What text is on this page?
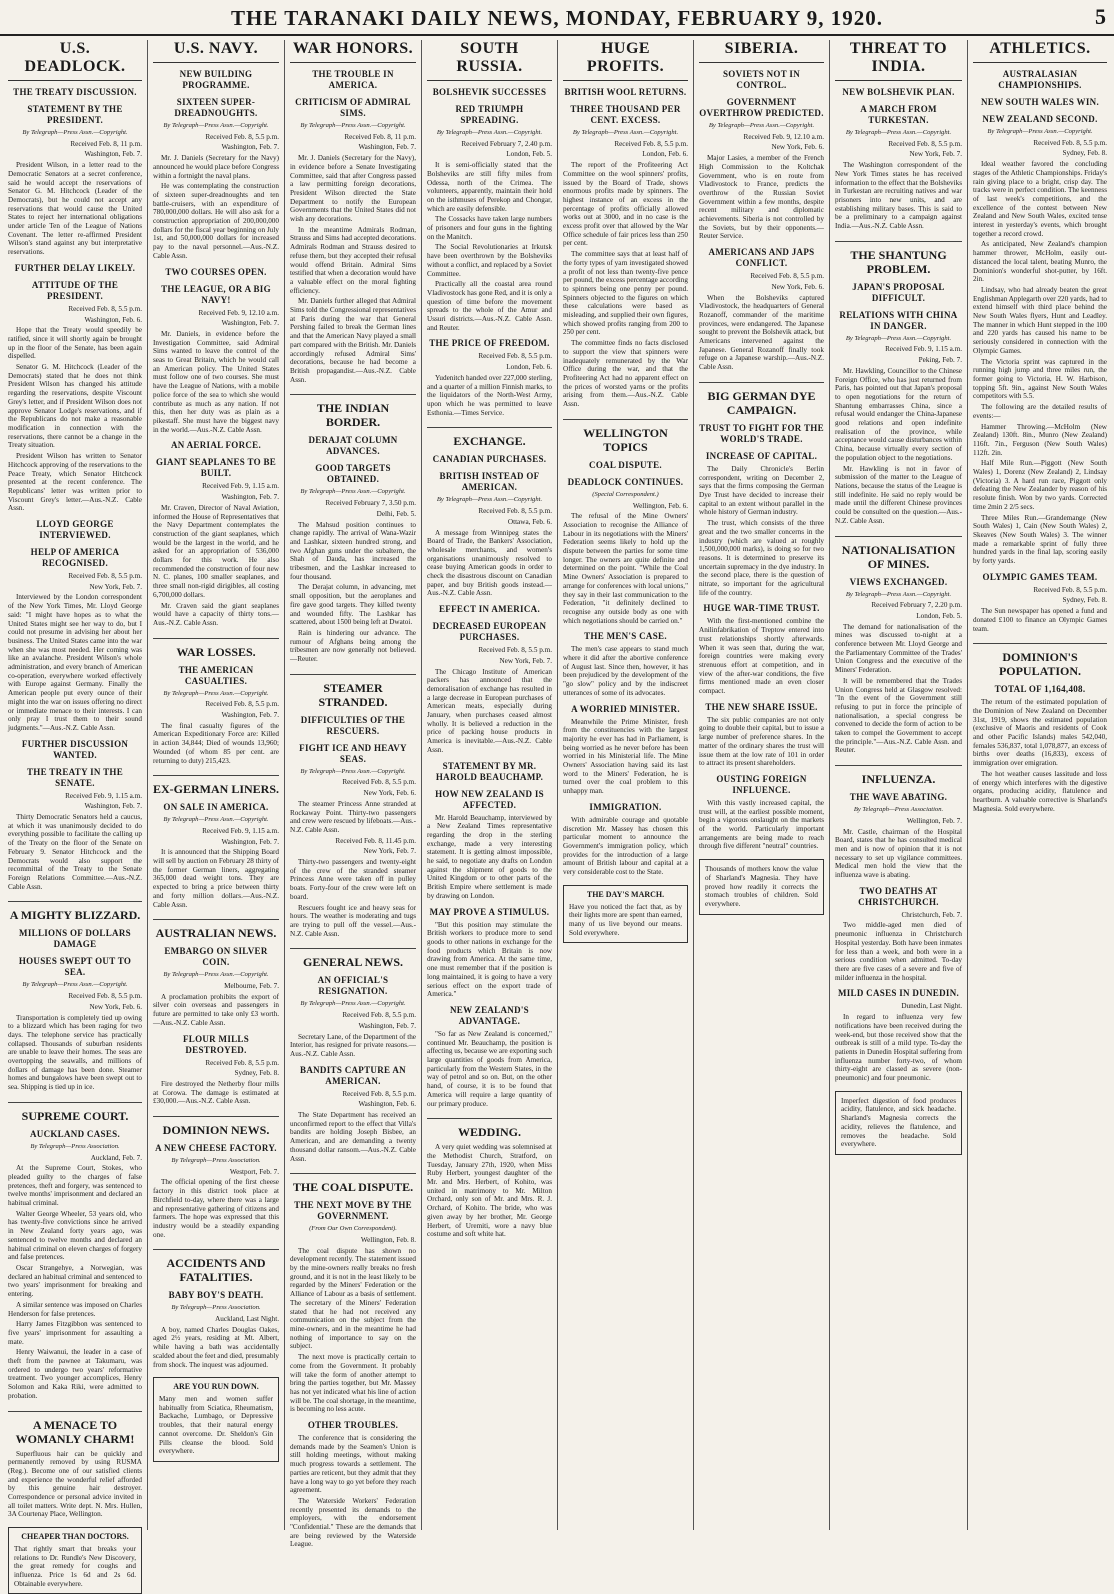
THE TARANAKI DAILY NEWS, MONDAY, FEBRUARY 9, 1920.	5
U.S. DEADLOCK.
THE TREATY DISCUSSION.
STATEMENT BY THE PRESIDENT.
By Telegraph—Press Assn.—Copyright.
Received Feb. 8, 11 p.m.
Washington, Feb. 7.

President Wilson, in a letter read to the Democratic Senators at a secret conference, said he would accept the reservations of Senator G. M. Hitchcock (Leader of the Democrats), but he could not accept any reservations that would cause the United States to reject her international obligations under article Ten of the League of Nations Covenant. The letter re-affirmed President Wilson's stand against any but interpretative reservations.

FURTHER DELAY LIKELY.
ATTITUDE OF THE PRESIDENT.
Received Feb. 8, 5.5 p.m.
Washington, Feb. 6.

Hope that the Treaty would speedily be ratified, since it will shortly again be brought up in the floor of the Senate, has been again dispelled.

Senator G. M. Hitchcock (Leader of the Democrats) stated that he does not think President Wilson has changed his attitude regarding the reservations, despite Viscount Grey's letter, and if President Wilson does not approve Senator Lodge's reservations, and if the Republicans do not make a reasonable modification in connection with the reservations, there cannot be a change in the Treaty situation.

President Wilson has written to Senator Hitchcock approving of the reservations to the Peace Treaty, which Senator Hitchcock presented at the recent conference. The Republicans' letter was written prior to Viscount Grey's letter.—Aus.-N.Z. Cable Assn.

LLOYD GEORGE INTERVIEWED.
HELP OF AMERICA RECOGNISED.
Received Feb. 8, 5.5 p.m.
New York, Feb. 7.

Interviewed by the London correspondent of the New York Times, Mr. Lloyd George said: "I might have hopes as to what the United States might see her way to do, but I could not presume in advising her about her business. The United States came into the war when she was most needed. Her coming was like an avalanche. President Wilson's whole administration, and every branch of American co-operation, everywhere worked effectively with Europe against Germany. Finally the American people put every ounce of their might into the war on issues offering no direct or immediate menace to their interests. I can only pray I trust them to their sound judgments."—Aus.-N.Z. Cable Assn.

FURTHER DISCUSSION WANTED.
THE TREATY IN THE SENATE.
Received Feb. 9, 1.15 a.m.
Washington, Feb. 7.

Thirty Democratic Senators held a caucus, at which it was unanimously decided to do everything possible to facilitate the calling up of the Treaty on the floor of the Senate on February 9. Senator Hitchcock and the Democrats would also support the recommittal of the Treaty to the Senate Foreign Relations Committee.—Aus.-N.Z. Cable Assn.

A MIGHTY BLIZZARD.
MILLIONS OF DOLLARS DAMAGE
HOUSES SWEPT OUT TO SEA.
By Telegraph—Press Assn.—Copyright.
Received Feb. 8, 5.5 p.m.
New York, Feb. 6.

Transportation is completely tied up owing to a blizzard which has been raging for two days. The telephone service has practically collapsed. Thousands of suburban residents are unable to leave their homes. The seas are overtopping the seawalls, and millions of dollars of damage has been done. Steamer homes and bungalows have been swept out to sea. Shipping is tied up in ice.

SUPREME COURT.
AUCKLAND CASES.
By Telegraph—Press Association.
Auckland, Feb. 7.

At the Supreme Court, Stokes, who pleaded guilty to the charges of false pretences, theft and forgery, was sentenced to twelve months' imprisonment and declared an habitual criminal.

Walter George Wheeler, 53 years old, who has twenty-five convictions since he arrived in New Zealand forty years ago, was sentenced to twelve months and declared an habitual criminal on eleven charges of forgery and false pretences.

Oscar Strangehye, a Norwegian, was declared an habitual criminal and sentenced to two years' imprisonment for breaking and entering.

A similar sentence was imposed on Charles Henderson for false pretences.

Harry James Fitzgibbon was sentenced to five years' imprisonment for assaulting a mate.

Henry Waiwanui, the leader in a case of theft from the pawnee at Takumaru, was ordered to undergo two years' reformative treatment. Two younger accomplices, Henry Solomon and Kaka Riki, were admitted to probation.

A MENACE TO WOMANLY CHARM!

Superfluous hair can be quickly and permanently removed by using RUSMA (Reg.). Become one of our satisfied clients and experience the wonderful relief afforded by this genuine hair destroyer. Correspondence or personal advice invited in all toilet matters. Write dept. N. Mrs. Hullen, 3A Courtenay Place, Wellington.

CHEAPER THAN DOCTORS.
That rightly smart that breaks your relations to Dr. Rundle's New Discovery, the great remedy for coughs and influenza. Price 1s 6d and 2s 6d. Obtainable everywhere.
U.S. NAVY.
NEW BUILDING PROGRAMME.
SIXTEEN SUPER-DREADNOUGHTS.
By Telegraph—Press Assn.—Copyright.
Received Feb. 8, 5.5 p.m.
Washington, Feb. 7.

Mr. J. Daniels (Secretary for the Navy) announced he would place before Congress within a fortnight the naval plans.

He was contemplating the construction of sixteen super-dreadnoughts and ten battle-cruisers, with an expenditure of 780,000,000 dollars. He will also ask for a construction appropriation of 200,000,000 dollars for the fiscal year beginning on July 1st, and 50,000,000 dollars for increased pay to the naval personnel.—Aus.-N.Z. Cable Assn.

TWO COURSES OPEN.
THE LEAGUE, OR A BIG NAVY!
Received Feb. 9, 12.10 a.m.
Washington, Feb. 7.

Mr. Daniels, in evidence before the Investigation Committee, said Admiral Sims wanted to leave the control of the seas to Great Britain, which he would call an American policy. The United States must follow one of two courses. She must have the League of Nations, with a mobile police force of the sea to which she would contribute as much as any nation. If not this, then her duty was as plain as a pikestaff. She must have the biggest navy in the world.—Aus.-N.Z. Cable Assn.

AN AERIAL FORCE.
GIANT SEAPLANES TO BE BUILT.
Received Feb. 9, 1.15 a.m.
Washington, Feb. 7.

Mr. Craven, Director of Naval Aviation, informed the House of Representatives that the Navy Department contemplates the construction of the giant seaplanes, which would be the largest in the world, and he asked for an appropriation of 536,000 dollars for this work. He also recommended the construction of four new N. C. planes, 100 smaller seaplanes, and three small non-rigid dirigibles, all costing 6,700,000 dollars.

Mr. Craven said the giant seaplanes would have a capacity of thirty tons.—Aus.-N.Z. Cable Assn.

WAR LOSSES.
THE AMERICAN CASUALTIES.
By Telegraph—Press Assn.—Copyright.
Received Feb. 8, 5.5 p.m.
Washington, Feb. 7.

The final casualty figures of the American Expeditionary Force are: Killed in action 34,844; Died of wounds 13,960; Wounded (of whom 85 per cent. are returning to duty) 215,423.

EX-GERMAN LINERS.
ON SALE IN AMERICA.
By Telegraph—Press Assn.—Copyright.
Received Feb. 9, 1.15 a.m.
Washington, Feb. 7.

It is announced that the Shipping Board will sell by auction on February 28 thirty of the former German liners, aggregating 365,000 dead weight tons. They are expected to bring a price between thirty and forty million dollars.—Aus.-N.Z. Cable Assn.

AUSTRALIAN NEWS.
EMBARGO ON SILVER COIN.
By Telegraph—Press Assn.—Copyright.
Melbourne, Feb. 7.

A proclamation prohibits the export of silver coin overseas and passengers in future are permitted to take only £3 worth.—Aus.-N.Z. Cable Assn.

FLOUR MILLS DESTROYED.
Received Feb. 8, 5.5 p.m.
Sydney, Feb. 8.

Fire destroyed the Netherby flour mills at Corowa. The damage is estimated at £30,000.—Aus.-N.Z. Cable Assn.

DOMINION NEWS.
A NEW CHEESE FACTORY.
By Telegraph—Press Association.
Westport, Feb. 7.

The official opening of the first cheese factory in this district took place at Birchfield to-day, where there was a large and representative gathering of citizens and farmers. The hope was expressed that this industry would be a steadily expanding one.

ACCIDENTS AND FATALITIES.
BABY BOY'S DEATH.
By Telegraph—Press Association.
Auckland, Last Night.

A boy, named Charles Douglas Oakes, aged 2½ years, residing at Mt. Albert, while having a bath was accidentally scalded about the feet and died, presumably from shock. The inquest was adjourned.

ARE YOU RUN DOWN.
Many men and women suffer habitually from Sciatica, Rheumatism, Backache, Lumbago, or Depressive troubles, that their natural energy cannot overcome. Dr. Sheldon's Gin Pills cleanse the blood. Sold everywhere.
WAR HONORS.
THE TROUBLE IN AMERICA.
CRITICISM OF ADMIRAL SIMS.
By Telegraph—Press Assn.—Copyright.
Received Feb. 8, 11 p.m.
Washington, Feb. 7.

Mr. J. Daniels (Secretary for the Navy), in evidence before a Senate Investigating Committee, said that after Congress passed a law permitting foreign decorations, President Wilson directed the State Department to notify the European Governments that the United States did not wish any decorations.

In the meantime Admirals Rodman, Strauss and Sims had accepted decorations. Admirals Rodman and Strauss desired to refuse them, but they accepted their refusal would offend Britain. Admiral Sims testified that when a decoration would have a valuable effect on the moral fighting efficiency.

Mr. Daniels further alleged that Admiral Sims told the Congressional representatives at Paris during the war that General Pershing failed to break the German lines and that the American Navy played a small part compared with the British. Mr. Daniels accordingly refused Admiral Sims' decorations, because he had become a British propagandist.—Aus.-N.Z. Cable Assn.

THE INDIAN BORDER.
DERAJAT COLUMN ADVANCES.
GOOD TARGETS OBTAINED.
By Telegraph—Press Assn.—Copyright.
Received February 7, 3.50 p.m.
Delhi, Feb. 5.

The Mahsud position continues to change rapidly. The arrival of Wana-Wazir and Lashkar, sixteen hundred strong, and two Afghan guns under the subaltern, the Shah of Dauda, has increased the tribesmen, and the Lashkar increased to four thousand.

The Derajat column, in advancing, met small opposition, but the aeroplanes and fire gave good targets. They killed twenty and wounded fifty. The Lashkar has scattered, about 1500 being left at Dwatoi.

Rain is hindering our advance. The rumour of Afghans being among the tribesmen are now generally not believed.—Reuter.

STEAMER STRANDED.
DIFFICULTIES OF THE RESCUERS.
FIGHT ICE AND HEAVY SEAS.
By Telegraph—Press Assn.—Copyright.
Received Feb. 8, 5.5 p.m.
New York, Feb. 6.

The steamer Princess Anne stranded at Rockaway Point. Thirty-two passengers and crew were rescued by lifeboats.—Aus.-N.Z. Cable Assn.

Received Feb. 8, 11.45 p.m.
New York, Feb. 7.

Thirty-two passengers and twenty-eight of the crew of the stranded steamer Princess Anne were taken off in pulley boats. Forty-four of the crew were left on board.

Rescuers fought ice and heavy seas for hours. The weather is moderating and tugs are trying to pull off the vessel.—Aus.-N.Z. Cable Assn.

GENERAL NEWS.
AN OFFICIAL'S RESIGNATION.
By Telegraph—Press Assn.—Copyright.
Received Feb. 8, 5.5 p.m.
Washington, Feb. 7.

Secretary Lane, of the Department of the Interior, has resigned for private reasons.—Aus.-N.Z. Cable Assn.

BANDITS CAPTURE AN AMERICAN.
Received Feb. 8, 5.5 p.m.
Washington, Feb. 6.

The State Department has received an unconfirmed report to the effect that Villa's bandits are holding Joseph Bisbee, an American, and are demanding a twenty thousand dollar ransom.—Aus.-N.Z. Cable Assn.

THE COAL DISPUTE.
THE NEXT MOVE BY THE GOVERNMENT.
(From Our Own Correspondent).
Wellington, Feb. 8.

The coal dispute has shown no development recently. The statement issued by the mine-owners really breaks no fresh ground, and it is not in the least likely to be regarded by the Miners' Federation or the Alliance of Labour as a basis of settlement. The secretary of the Miners' Federation stated that he had not received any communication on the subject from the mine-owners, and in the meantime he had nothing of importance to say on the subject.

The next move is practically certain to come from the Government. It probably will take the form of another attempt to bring the parties together, but Mr. Massey has not yet indicated what his line of action will be. The coal shortage, in the meantime, is becoming no less acute.

OTHER TROUBLES.

The conference that is considering the demands made by the Seamen's Union is still holding meetings, without making much progress towards a settlement. The parties are reticent, but they admit that they have a long way to go yet before they reach agreement.

The Waterside Workers' Federation recently presented its demands to the employers, with the endorsement "Confidential." These are the demands that are being reviewed by the Waterside League.

SOUTH RUSSIA.
BOLSHEVIK SUCCESSES
RED TRIUMPH SPREADING.
By Telegraph—Press Assn.—Copyright.
Received February 7, 2.40 p.m.
London, Feb. 5.

It is semi-officially stated that the Bolsheviks are still fifty miles from Odessa, north of the Crimea. The volunteers, apparently, maintain their hold on the isthmuses of Perekop and Chongar, which are easily defensible.

The Cossacks have taken large numbers of prisoners and four guns in the fighting on the Manitch.

The Social Revolutionaries at Irkutsk have been overthrown by the Bolsheviks without a conflict, and replaced by a Soviet Committee.

Practically all the coastal area round Vladivostock has gone Red, and it is only a question of time before the movement spreads to the whole of the Amur and Ussuri districts.—Aus.-N.Z. Cable Assn. and Reuter.

THE PRICE OF FREEDOM.
Received Feb. 8, 5.5 p.m.
London, Feb. 6.

Yudenitch handed over 227,000 sterling, and a quarter of a million Finnish marks, to the liquidators of the North-West Army, upon which he was permitted to leave Esthonia.—Times Service.

EXCHANGE.
CANADIAN PURCHASES.
BRITISH INSTEAD OF AMERICAN.
By Telegraph—Press Assn.—Copyright.
Received Feb. 8, 5.5 p.m.
Ottawa, Feb. 6.

A message from Winnipeg states the Board of Trade, the Bankers' Association, wholesale merchants, and women's organisations unanimously resolved to cease buying American goods in order to check the disastrous discount on Canadian paper, and buy British goods instead.—Aus.-N.Z. Cable Assn.

EFFECT IN AMERICA.
DECREASED EUROPEAN PURCHASES.
Received Feb. 8, 5.5 p.m.
New York, Feb. 7.

The Chicago Institute of American packers has announced that the demoralisation of exchange has resulted in a large decrease in European purchases of American meats, especially during January, when purchases ceased almost wholly. It is believed a reduction in the price of packing house products in America is inevitable.—Aus.-N.Z. Cable Assn.

STATEMENT BY MR. HAROLD BEAUCHAMP.
HOW NEW ZEALAND IS AFFECTED.

Mr. Harold Beauchamp, interviewed by a New Zealand Times representative regarding the drop in the sterling exchange, made a very interesting statement. It is getting almost impossible, he said, to negotiate any drafts on London against the shipment of goods to the United Kingdom or to other parts of the British Empire where settlement is made by drawing on London.

MAY PROVE A STIMULUS.

"But this position may stimulate the British workers to produce more to send goods to other nations in exchange for the food products which Britain is now drawing from America. At the same time, one must remember that if the position is long maintained, it is going to have a very serious effect on the export trade of America."

NEW ZEALAND'S ADVANTAGE.

"So far as New Zealand is concerned," continued Mr. Beauchamp, the position is affecting us, because we are exporting such large quantities of goods from America, particularly from the Western States, in the way of petrol and so on. But, on the other hand, of course, it is to be found that America will require a large quantity of our primary produce.

WEDDING.

A very quiet wedding was solemnised at the Methodist Church, Stratford, on Tuesday, January 27th, 1920, when Miss Ruby Herbert, youngest daughter of the Mr. and Mrs. Herbert, of Kohito, was united in matrimony to Mr. Milton Orchard, only son of Mr. and Mrs. R. J. Orchard, of Kohito. The bride, who was given away by her brother, Mr. George Herbert, of Uremiti, wore a navy blue costume and soft white hat.

HUGE PROFITS.
BRITISH WOOL RETURNS.
THREE THOUSAND PER CENT. EXCESS.
By Telegraph—Press Assn.—Copyright.
Received Feb. 8, 5.5 p.m.
London, Feb. 6.

The report of the Profiteering Act Committee on the wool spinners' profits, issued by the Board of Trade, shows enormous profits made by spinners. The highest instance of an excess in the percentage of profits officially allowed works out at 3000, and in no case is the excess profit over that allowed by the War Office schedule of fair prices less than 250 per cent.

The committee says that at least half of the forty types of yarn investigated showed a profit of not less than twenty-five pence per pound, the excess percentage according to spinners being one penny per pound. Spinners objected to the figures on which these calculations were based as misleading, and supplied their own figures, which showed profits ranging from 200 to 250 per cent.

The committee finds no facts disclosed to support the view that spinners were inadequately remunerated by the War Office during the war, and that the Profiteering Act had no apparent effect on the prices of worsted yarns or the profits arising from them.—Aus.-N.Z. Cable Assn.

WELLINGTON TOPICS
COAL DISPUTE.
DEADLOCK CONTINUES.
(Special Correspondent.)
Wellington, Feb. 6.

The refusal of the Mine Owners' Association to recognise the Alliance of Labour in its negotiations with the Miners' Federation seems likely to hold up the dispute between the parties for some time longer. The owners are quite definite and determined on the point. "While the Coal Mine Owners' Association is prepared to arrange for conferences with local unions," they say in their last communication to the Federation, "it definitely declined to recognise any outside body as one with which negotiations should be carried on."

THE MEN'S CASE.

The men's case appears to stand much where it did after the abortive conference of August last. Since then, however, it has been prejudiced by the development of the "go slow" policy and by the indiscreet utterances of some of its advocates.

A WORRIED MINISTER.

Meanwhile the Prime Minister, fresh from the constituencies with the largest majority he ever has had in Parliament, is being worried as he never before has been worried in his Ministerial life. The Mine Owners' Association having said its last word to the Miners' Federation, he is turned over the coal problem to this unhappy man.

IMMIGRATION.

With admirable courage and quotable discretion Mr. Massey has chosen this particular moment to announce the Government's immigration policy, which provides for the introduction of a large amount of British labour and capital at a very considerable cost to the State.

THE DAY'S MARCH.
Have you noticed the fact that, as by their lights more are spent than earned, many of us live beyond our means. Sold everywhere.
SIBERIA.
SOVIETS NOT IN CONTROL.
GOVERNMENT OVERTHROW PREDICTED.
By Telegraph—Press Assn.—Copyright.
Received Feb. 9, 12.10 a.m.
New York, Feb. 6.

Major Lasies, a member of the French High Commission to the Koltchak Government, who is en route from Vladivostock to France, predicts the overthrow of the Russian Soviet Government within a few months, despite recent military and diplomatic achievements. Siberia is not controlled by the Soviets, but by their opponents.—Reuter Service.

AMERICANS AND JAPS CONFLICT.
Received Feb. 8, 5.5 p.m.
New York, Feb. 6.

When the Bolsheviks captured Vladivostock, the headquarters of General Rozanoff, commander of the maritime provinces, were endangered. The Japanese sought to prevent the Bolshevik attack, but Americans intervened against the Japanese. General Rozanoff finally took refuge on a Japanese warship.—Aus.-N.Z. Cable Assn.

BIG GERMAN DYE CAMPAIGN.
TRUST TO FIGHT FOR THE WORLD'S TRADE.
INCREASE OF CAPITAL.

The Daily Chronicle's Berlin correspondent, writing on December 2, says that the firms composing the German Dye Trust have decided to increase their capital to an extent without parallel in the whole history of German industry.

The trust, which consists of the three great and the two smaller concerns in the industry (which are valued at roughly 1,500,000,000 marks), is doing so for two reasons. It is determined to preserve its uncertain supremacy in the dye industry. In the second place, there is the question of nitrate, so important for the agricultural life of the country.

HUGE WAR-TIME TRUST.

With the first-mentioned combine the Anilinfabrikation of Treptow entered into trust relationships shortly afterwards. When it was seen that, during the war, foreign countries were making every strenuous effort at competition, and in view of the after-war conditions, the five firms mentioned made an even closer compact.

THE NEW SHARE ISSUE.

The six public companies are not only going to double their capital, but to issue a large number of preference shares. In the matter of the ordinary shares the trust will issue them at the low rate of 101 in order to attract its present shareholders.

OUSTING FOREIGN INFLUENCE.

With this vastly increased capital, the trust will, at the earliest possible moment, begin a vigorous onslaught on the markets of the world. Particularly important arrangements are being made to reach through five different "neutral" countries.

Thousands of mothers know the value of Sharland's Magnesia. They have proved how readily it corrects the stomach troubles of children. Sold everywhere.
THREAT TO INDIA.
NEW BOLSHEVIK PLAN.
A MARCH FROM TURKESTAN.
By Telegraph—Press Assn.—Copyright.
Received Feb. 8, 5.5 p.m.
New York, Feb. 7.

The Washington correspondent of the New York Times states he has received information to the effect that the Bolsheviks in Turkestan are recruiting natives and war prisoners into new units, and are establishing military bases. This is said to be a preliminary to a campaign against India.—Aus.-N.Z. Cable Assn.

THE SHANTUNG PROBLEM.
JAPAN'S PROPOSAL DIFFICULT.
RELATIONS WITH CHINA IN DANGER.
By Telegraph—Press Assn.—Copyright.
Received Feb. 9, 1.15 a.m.
Peking, Feb. 7.

Mr. Hawkling, Councillor to the Chinese Foreign Office, who has just returned from Paris, has pointed out that Japan's proposal to open negotiations for the return of Shantung embarrasses China, since a refusal would endanger the China-Japanese good relations and open indefinite realisation of the province, while acceptance would cause disturbances within China, because virtually every section of the population object to the negotiations.

Mr. Hawkling is not in favor of submission of the matter to the League of Nations, because the status of the League is still indefinite. He said no reply would be made until the different Chinese provinces could be consulted on the question.—Aus.-N.Z. Cable Assn.

NATIONALISATION OF MINES.
VIEWS EXCHANGED.
By Telegraph—Press Assn.—Copyright.
Received February 7, 2.20 p.m.
London, Feb. 5.

The demand for nationalisation of the mines was discussed to-night at a conference between Mr. Lloyd George and the Parliamentary Committee of the Trades' Union Congress and the executive of the Miners' Federation.

It will be remembered that the Trades Union Congress held at Glasgow resolved: "In the event of the Government still refusing to put in force the principle of nationalisation, a special congress be convened to decide the form of action to be taken to compel the Government to accept the principle."—Aus.-N.Z. Cable Assn. and Reuter.

INFLUENZA.
THE WAVE ABATING.
By Telegraph—Press Association.
Wellington, Feb. 7.

Mr. Castle, chairman of the Hospital Board, states that he has consulted medical men and is now of opinion that it is not necessary to set up vigilance committees. Medical men hold the view that the influenza wave is abating.

TWO DEATHS AT CHRISTCHURCH.
Christchurch, Feb. 7.

Two middle-aged men died of pneumonic influenza in Christchurch Hospital yesterday. Both have been inmates for less than a week, and both were in a serious condition when admitted. To-day there are five cases of a severe and five of milder influenza in the hospital.

MILD CASES IN DUNEDIN.
Dunedin, Last Night.

In regard to influenza very few notifications have been received during the week-end, but those received show that the outbreak is still of a mild type. To-day the patients in Dunedin Hospital suffering from influenza number forty-two, of whom thirty-eight are classed as severe (non-pneumonic) and four pneumonic.

Imperfect digestion of food produces acidity, flatulence, and sick headache. Sharland's Magnesia corrects the acidity, relieves the flatulence, and removes the headache. Sold everywhere.
ATHLETICS.
AUSTRALASIAN CHAMPIONSHIPS.
NEW SOUTH WALES WIN.
NEW ZEALAND SECOND.
By Telegraph—Press Assn.—Copyright.
Received Feb. 8, 5.5 p.m.
Sydney, Feb. 8.

Ideal weather favored the concluding stages of the Athletic Championships. Friday's rain giving place to a bright, crisp day. The tracks were in perfect condition. The keenness of last week's competitions, and the excellence of the contest between New Zealand and New South Wales, excited tense interest in yesterday's events, which brought together a record crowd.

As anticipated, New Zealand's champion hammer thrower, McHolm, easily out-distanced the local talent, beating Munro, the Dominion's wonderful shot-putter, by 16ft. 2in.

Lindsay, who had already beaten the great Englishman Applegarth over 220 yards, had to extend himself with third place behind the New South Wales flyers, Hunt and Leadley. The manner in which Hunt stepped in the 100 and 220 yards has caused his name to be seriously considered in connection with the Olympic Games.

The Victoria sprint was captured in the running high jump and three miles run, the former going to Victoria, H. W. Harbison, topping 5ft. 9in., against New South Wales competitors with 5.5.

The following are the detailed results of events:—

Hammer Throwing.—McHolm (New Zealand) 130ft. 8in., Munro (New Zealand) 116ft. 7in., Ferguson (New South Wales) 112ft. 2in.

Half Mile Run.—Piggott (New South Wales) 1, Dorenz (New Zealand) 2, Lindsay (Victoria) 3. A hard run race, Piggott only defeating the New Zealander by reason of his resolute finish. Won by two yards. Corrected time 2min 2 2/5 secs.

Three Miles Run.—Grandemange (New South Wales) 1, Cain (New South Wales) 2, Skeaves (New South Wales) 3. The winner made a remarkable sprint of fully three hundred yards in the final lap, scoring easily by forty yards.

OLYMPIC GAMES TEAM.
Received Feb. 8, 5.5 p.m.
Sydney, Feb. 8.

The Sun newspaper has opened a fund and donated £100 to finance an Olympic Games team.

DOMINION'S POPULATION.
TOTAL OF 1,164,408.

The return of the estimated population of the Dominion of New Zealand on December 31st, 1919, shows the estimated population (exclusive of Maoris and residents of Cook and other Pacific Islands) males 542,040, females 536,837, total 1,078,877, an excess of births over deaths (16,833), excess of immigration over emigration.

The hot weather causes lassitude and loss of energy which interferes with the digestive organs, producing acidity, flatulence and heartburn. A valuable corrective is Sharland's Magnesia. Sold everywhere.
